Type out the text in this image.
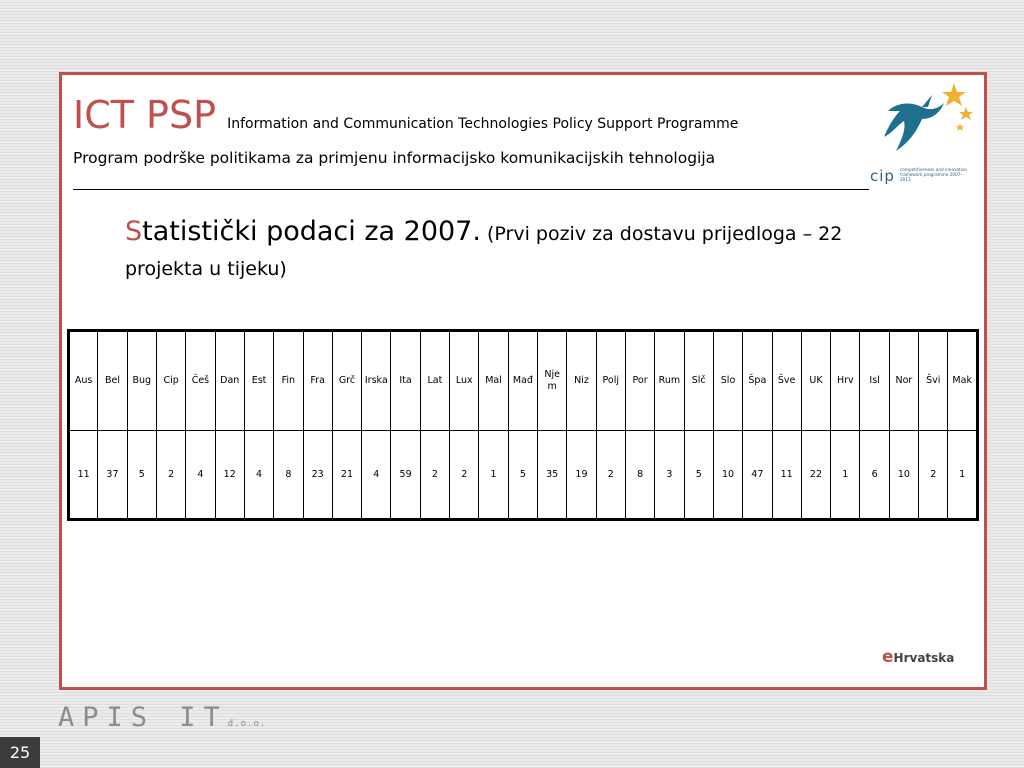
ICT PSP Information and Communication Technologies Policy Support Programme
Program podrške politikama za primjenu informacijsko komunikacijskih tehnologija
cip competitiveness and innovation framework programme 2007–2013
Statistički podaci za 2007. (Prvi poziv za dostavu prijedloga – 22 projekta u tijeku)
Aus	Bel	Bug	Cip	Češ	Dan	Est	Fin	Fra	Grč	Irska	Ita	Lat	Lux	Mal	Mađ	Njem	Niz	Polj	Por	Rum	Slč	Slo	Špa	Šve	UK	Hrv	Isl	Nor	Švi	Mak
11	37	5	2	4	12	4	8	23	21	4	59	2	2	1	5	35	19	2	8	3	5	10	47	11	22	1	6	10	2	1
eHrvatska
APIS ITd.o.o.
25
